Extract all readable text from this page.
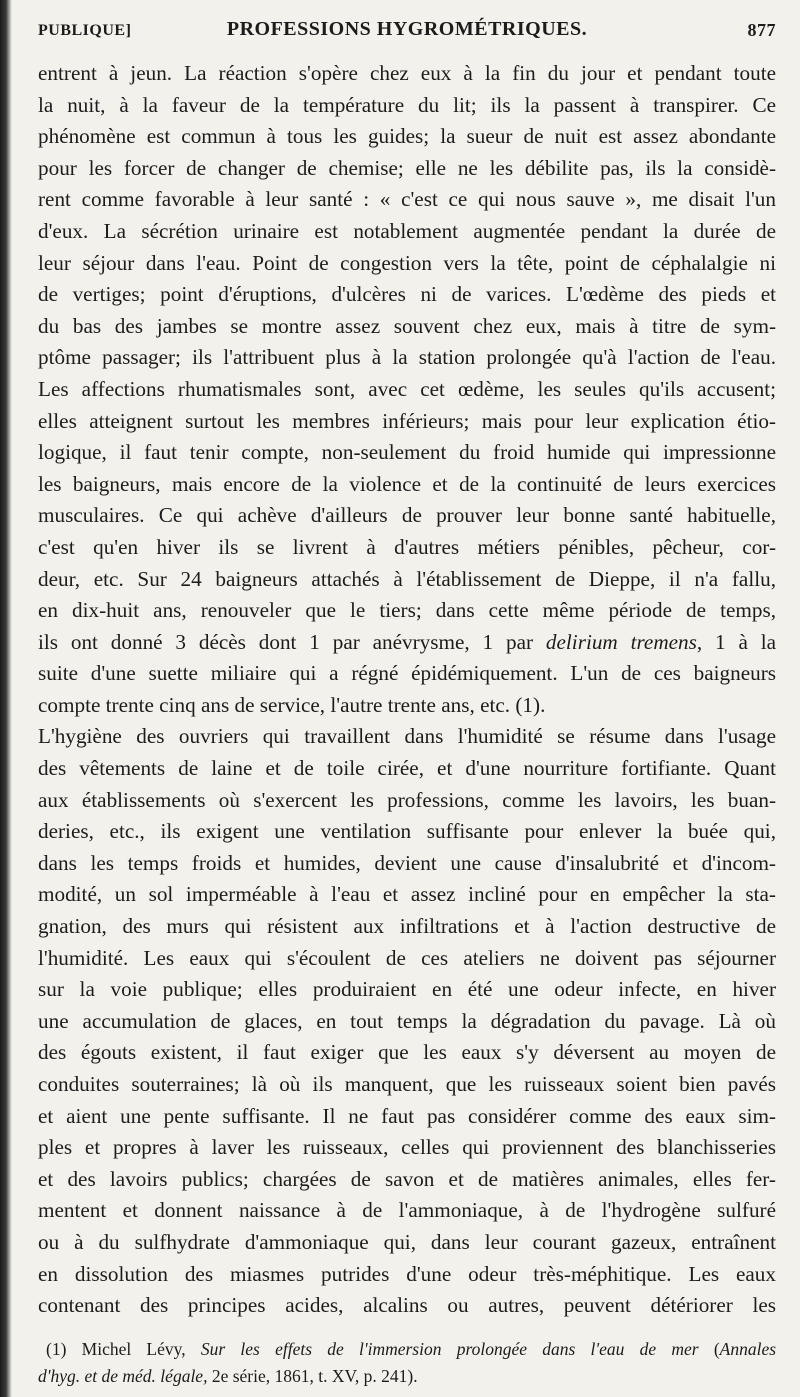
PUBLIQUE]	PROFESSIONS HYGROMÉTRIQUES.	877
entrent à jeun. La réaction s'opère chez eux à la fin du jour et pendant toute
la nuit, à la faveur de la température du lit; ils la passent à transpirer. Ce
phénomène est commun à tous les guides; la sueur de nuit est assez abondante
pour les forcer de changer de chemise; elle ne les débilite pas, ils la considè-
rent comme favorable à leur santé : « c'est ce qui nous sauve », me disait l'un
d'eux. La sécrétion urinaire est notablement augmentée pendant la durée de
leur séjour dans l'eau. Point de congestion vers la tête, point de céphalalgie ni
de vertiges; point d'éruptions, d'ulcères ni de varices. L'œdème des pieds et
du bas des jambes se montre assez souvent chez eux, mais à titre de sym-
ptôme passager; ils l'attribuent plus à la station prolongée qu'à l'action de l'eau.
Les affections rhumatismales sont, avec cet œdème, les seules qu'ils accusent;
elles atteignent surtout les membres inférieurs; mais pour leur explication étio-
logique, il faut tenir compte, non-seulement du froid humide qui impressionne
les baigneurs, mais encore de la violence et de la continuité de leurs exercices
musculaires. Ce qui achève d'ailleurs de prouver leur bonne santé habituelle,
c'est qu'en hiver ils se livrent à d'autres métiers pénibles, pêcheur, cor-
deur, etc. Sur 24 baigneurs attachés à l'établissement de Dieppe, il n'a fallu,
en dix-huit ans, renouveler que le tiers; dans cette même période de temps,
ils ont donné 3 décès dont 1 par anévrysme, 1 par delirium tremens, 1 à la
suite d'une suette miliaire qui a régné épidémiquement. L'un de ces baigneurs
compte trente cinq ans de service, l'autre trente ans, etc. (1).
L'hygiène des ouvriers qui travaillent dans l'humidité se résume dans l'usage
des vêtements de laine et de toile cirée, et d'une nourriture fortifiante. Quant
aux établissements où s'exercent les professions, comme les lavoirs, les buan-
deries, etc., ils exigent une ventilation suffisante pour enlever la buée qui,
dans les temps froids et humides, devient une cause d'insalubrité et d'incom-
modité, un sol imperméable à l'eau et assez incliné pour en empêcher la sta-
gnation, des murs qui résistent aux infiltrations et à l'action destructive de
l'humidité. Les eaux qui s'écoulent de ces ateliers ne doivent pas séjourner
sur la voie publique; elles produiraient en été une odeur infecte, en hiver
une accumulation de glaces, en tout temps la dégradation du pavage. Là où
des égouts existent, il faut exiger que les eaux s'y déversent au moyen de
conduites souterraines; là où ils manquent, que les ruisseaux soient bien pavés
et aient une pente suffisante. Il ne faut pas considérer comme des eaux sim-
ples et propres à laver les ruisseaux, celles qui proviennent des blanchisseries
et des lavoirs publics; chargées de savon et de matières animales, elles fer-
mentent et donnent naissance à de l'ammoniaque, à de l'hydrogène sulfuré
ou à du sulfhydrate d'ammoniaque qui, dans leur courant gazeux, entraînent
en dissolution des miasmes putrides d'une odeur très-méphitique. Les eaux
contenant des principes acides, alcalins ou autres, peuvent détériorer les
(1) Michel Lévy, Sur les effets de l'immersion prolongée dans l'eau de mer (Annales
d'hyg. et de méd. légale, 2e série, 1861, t. XV, p. 241).
